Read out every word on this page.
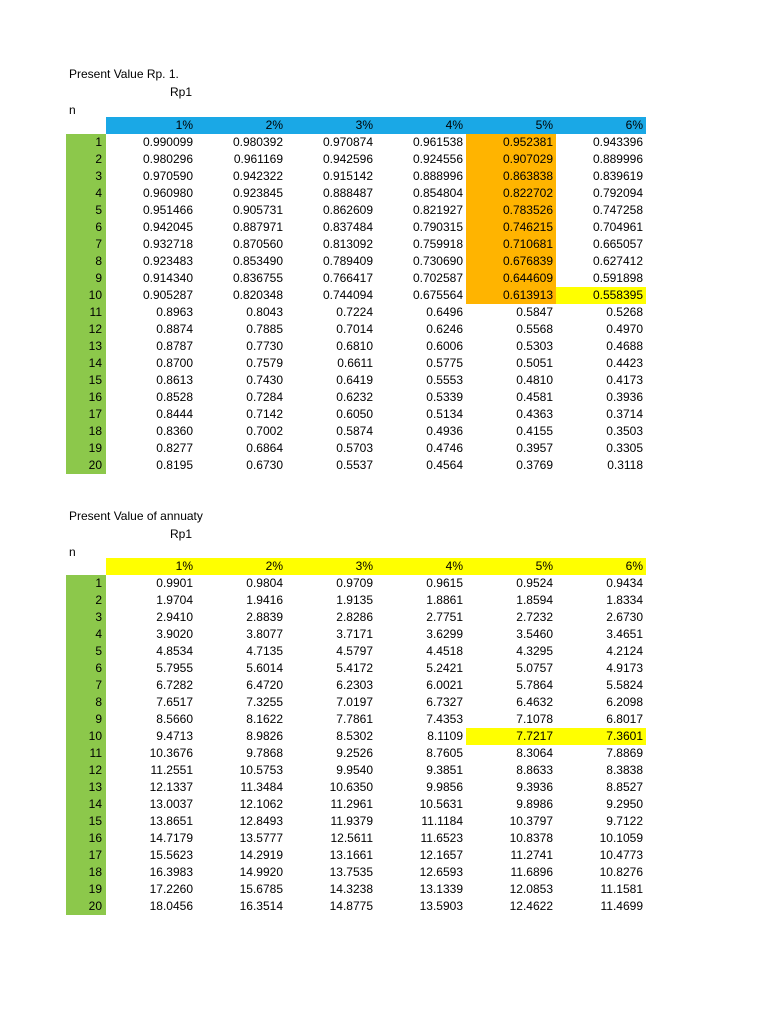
Present Value Rp. 1.
Rp1
n
1%	2%	3%	4%	5%	6%
1	0.990099	0.980392	0.970874	0.961538	0.952381	0.943396
2	0.980296	0.961169	0.942596	0.924556	0.907029	0.889996
3	0.970590	0.942322	0.915142	0.888996	0.863838	0.839619
4	0.960980	0.923845	0.888487	0.854804	0.822702	0.792094
5	0.951466	0.905731	0.862609	0.821927	0.783526	0.747258
6	0.942045	0.887971	0.837484	0.790315	0.746215	0.704961
7	0.932718	0.870560	0.813092	0.759918	0.710681	0.665057
8	0.923483	0.853490	0.789409	0.730690	0.676839	0.627412
9	0.914340	0.836755	0.766417	0.702587	0.644609	0.591898
10	0.905287	0.820348	0.744094	0.675564	0.613913	0.558395
11	0.8963	0.8043	0.7224	0.6496	0.5847	0.5268
12	0.8874	0.7885	0.7014	0.6246	0.5568	0.4970
13	0.8787	0.7730	0.6810	0.6006	0.5303	0.4688
14	0.8700	0.7579	0.6611	0.5775	0.5051	0.4423
15	0.8613	0.7430	0.6419	0.5553	0.4810	0.4173
16	0.8528	0.7284	0.6232	0.5339	0.4581	0.3936
17	0.8444	0.7142	0.6050	0.5134	0.4363	0.3714
18	0.8360	0.7002	0.5874	0.4936	0.4155	0.3503
19	0.8277	0.6864	0.5703	0.4746	0.3957	0.3305
20	0.8195	0.6730	0.5537	0.4564	0.3769	0.3118
Present Value of annuaty
Rp1
n
1%	2%	3%	4%	5%	6%
1	0.9901	0.9804	0.9709	0.9615	0.9524	0.9434
2	1.9704	1.9416	1.9135	1.8861	1.8594	1.8334
3	2.9410	2.8839	2.8286	2.7751	2.7232	2.6730
4	3.9020	3.8077	3.7171	3.6299	3.5460	3.4651
5	4.8534	4.7135	4.5797	4.4518	4.3295	4.2124
6	5.7955	5.6014	5.4172	5.2421	5.0757	4.9173
7	6.7282	6.4720	6.2303	6.0021	5.7864	5.5824
8	7.6517	7.3255	7.0197	6.7327	6.4632	6.2098
9	8.5660	8.1622	7.7861	7.4353	7.1078	6.8017
10	9.4713	8.9826	8.5302	8.1109	7.7217	7.3601
11	10.3676	9.7868	9.2526	8.7605	8.3064	7.8869
12	11.2551	10.5753	9.9540	9.3851	8.8633	8.3838
13	12.1337	11.3484	10.6350	9.9856	9.3936	8.8527
14	13.0037	12.1062	11.2961	10.5631	9.8986	9.2950
15	13.8651	12.8493	11.9379	11.1184	10.3797	9.7122
16	14.7179	13.5777	12.5611	11.6523	10.8378	10.1059
17	15.5623	14.2919	13.1661	12.1657	11.2741	10.4773
18	16.3983	14.9920	13.7535	12.6593	11.6896	10.8276
19	17.2260	15.6785	14.3238	13.1339	12.0853	11.1581
20	18.0456	16.3514	14.8775	13.5903	12.4622	11.4699
